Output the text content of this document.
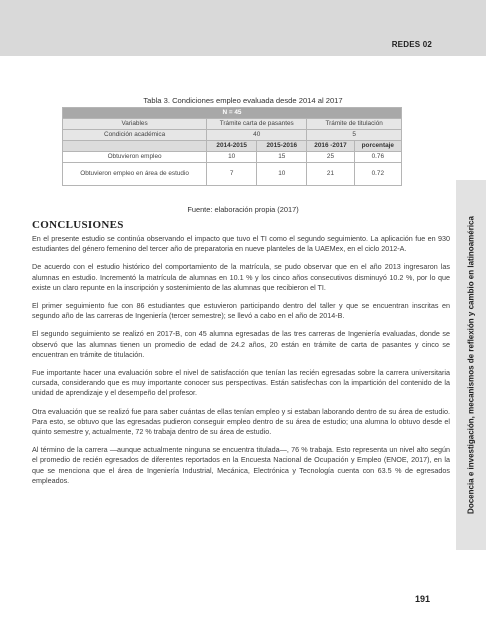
REDES 02
Docencia e investigación, mecanismos de reflexión y cambio en latinoamérica
Tabla 3. Condiciones empleo evaluada desde 2014 al 2017
N = 45				
Variables	Trámite carta de pasantes		Trámite de titulación	
Condición académica	40		5	
	2014-2015	2015-2016	2016 -2017	porcentaje
Obtuvieron empleo	10	15	25	0.76
Obtuvieron empleo en área de estudio	7	10	21	0.72
Fuente: elaboración propia (2017)
CONCLUSIONES

En el presente estudio se continúa observando el impacto que tuvo el TI como el segundo seguimiento. La aplicación fue en 930 estudiantes del género femenino del tercer año de preparatoria en nueve planteles de la UAEMex, en el ciclo 2012-A.

De acuerdo con el estudio histórico del comportamiento de la matrícula, se pudo observar que en el año 2013 ingresaron las alumnas en estudio. Incrementó la matrícula de alumnas en 10.1 % y los cinco años consecutivos disminuyó 10.2 %, por lo que existe un claro repunte en la inscripción y sostenimiento de las alumnas que recibieron el TI.

El primer seguimiento fue con 86 estudiantes que estuvieron participando dentro del taller y que se encuentran inscritas en segundo año de las carreras de Ingeniería (tercer semestre); se llevó a cabo en el año de 2014-B.

El segundo seguimiento se realizó en 2017-B, con 45 alumna egresadas de las tres carreras de Ingeniería evaluadas, donde se observó que las alumnas tienen un promedio de edad de 24.2 años, 20 están en trámite de carta de pasantes y cinco se encuentran en trámite de titulación.

Fue importante hacer una evaluación sobre el nivel de satisfacción que tenían las recién egresadas sobre la carrera universitaria cursada, considerando que es muy importante conocer sus perspectivas. Están satisfechas con la impartición del contenido de la unidad de aprendizaje y el desempeño del profesor.

Otra evaluación que se realizó fue para saber cuántas de ellas tenían empleo y si estaban laborando dentro de su área de estudio. Para esto, se obtuvo que las egresadas pudieron conseguir empleo dentro de su área de estudio; una alumna lo obtuvo desde el quinto semestre y, actualmente, 72 % trabaja dentro de su área de estudio.

Al término de la carrera —aunque actualmente ninguna se encuentra titulada—, 76 % trabaja. Esto representa un nivel alto según el promedio de recién egresados de diferentes reportados en la Encuesta Nacional de Ocupación y Empleo (ENOE, 2017), en la que se menciona que el área de Ingeniería Industrial, Mecánica, Electrónica y Tecnología cuenta con 63.5 % de egresados empleados.

191
